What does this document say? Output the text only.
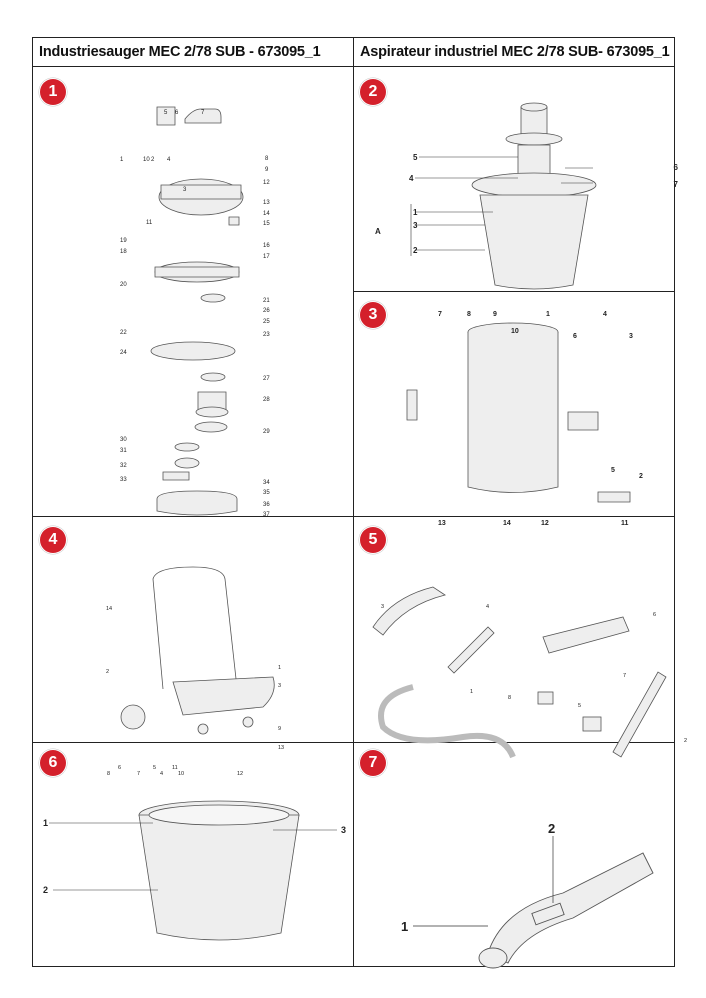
Industriesauger MEC 2/78 SUB - 673095_1	Aspirateur industriel MEC 2/78 SUB- 673095_1
1	2
3
4	5
6	7
1	2
3
4
5 6	7
8
9
10
11
12
13
14
15
16
17
18
19
20
21
22	23
24
25
26
27
28
29
30
31
32
33	34
35
36
37
5
4
6
7
1
3
2
A
7	8	9
10
1
6
4
3
5
2
13	14	12	11
14
2
1
3
9
13
8
6
7
5
4
11
10	12
3	4
6
7
1
8
5
2
1
2
3	2
1
